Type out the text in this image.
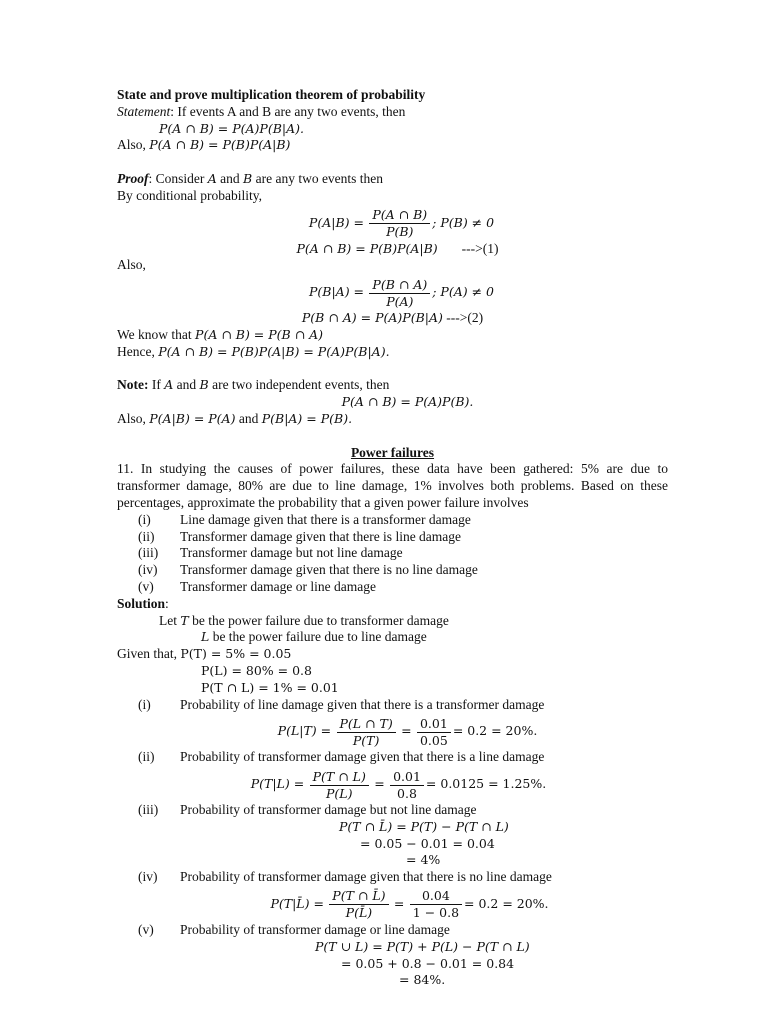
State and prove multiplication theorem of probability
Statement: If events A and B are any two events, then
P(A ∩ B) = P(A)P(B|A).
Also, P(A ∩ B) = P(B)P(A|B)
Proof: Consider A and B are any two events then
By conditional probability,
$P(A|B) = \frac{P(A \cap B)}{P(B)}$ ; P(B) ≠ 0
P(A ∩ B) = P(B)P(A|B) --->(1)
Also,
$P(B|A) = \frac{P(B \cap A)}{P(A)}$ ; P(A) ≠ 0
P(B ∩ A) = P(A)P(B|A) --->(2)
We know that P(A ∩ B) = P(B ∩ A)
Hence, P(A ∩ B) = P(B)P(A|B) = P(A)P(B|A).
Note: If A and B are two independent events, then
P(A ∩ B) = P(A)P(B).
Also, P(A|B) = P(A) and P(B|A) = P(B).
Power failures
11. In studying the causes of power failures, these data have been gathered: 5% are due to
transformer damage, 80% are due to line damage, 1% involves both problems. Based on these
percentages, approximate the probability that a given power failure involves
(i) Line damage given that there is a transformer damage
(ii) Transformer damage given that there is line damage
(iii) Transformer damage but not line damage
(iv) Transformer damage given that there is no line damage
(v) Transformer damage or line damage
Solution:
Let T be the power failure due to transformer damage
L be the power failure due to line damage
Given that, P(T) = 5% = 0.05
P(L) = 80% = 0.8
P(T ∩ L) = 1% = 0.01
(i) Probability of line damage given that there is a transformer damage
$P(L|T) = \frac{P(L \cap T)}{P(T)} = \frac{0.01}{0.05} = 0.2 = 20\%$.
(ii) Probability of transformer damage given that there is a line damage
$P(T|L) = \frac{P(T \cap L)}{P(L)} = \frac{0.01}{0.8} = 0.0125 = 1.25\%$.
(iii) Probability of transformer damage but not line damage
P(T ∩ L̄) = P(T) − P(T ∩ L)
= 0.05 − 0.01 = 0.04
= 4%
(iv) Probability of transformer damage given that there is no line damage
P(T|L̄) = $\frac{P(T \cap L̄)}{P(L̄)} = \frac{0.04}{1 - 0.8} = 0.2 = 20\%$.
(v) Probability of transformer damage or line damage
P(T ∪ L) = P(T) + P(L) − P(T ∩ L)
= 0.05 + 0.8 − 0.01 = 0.84
= 84%.
